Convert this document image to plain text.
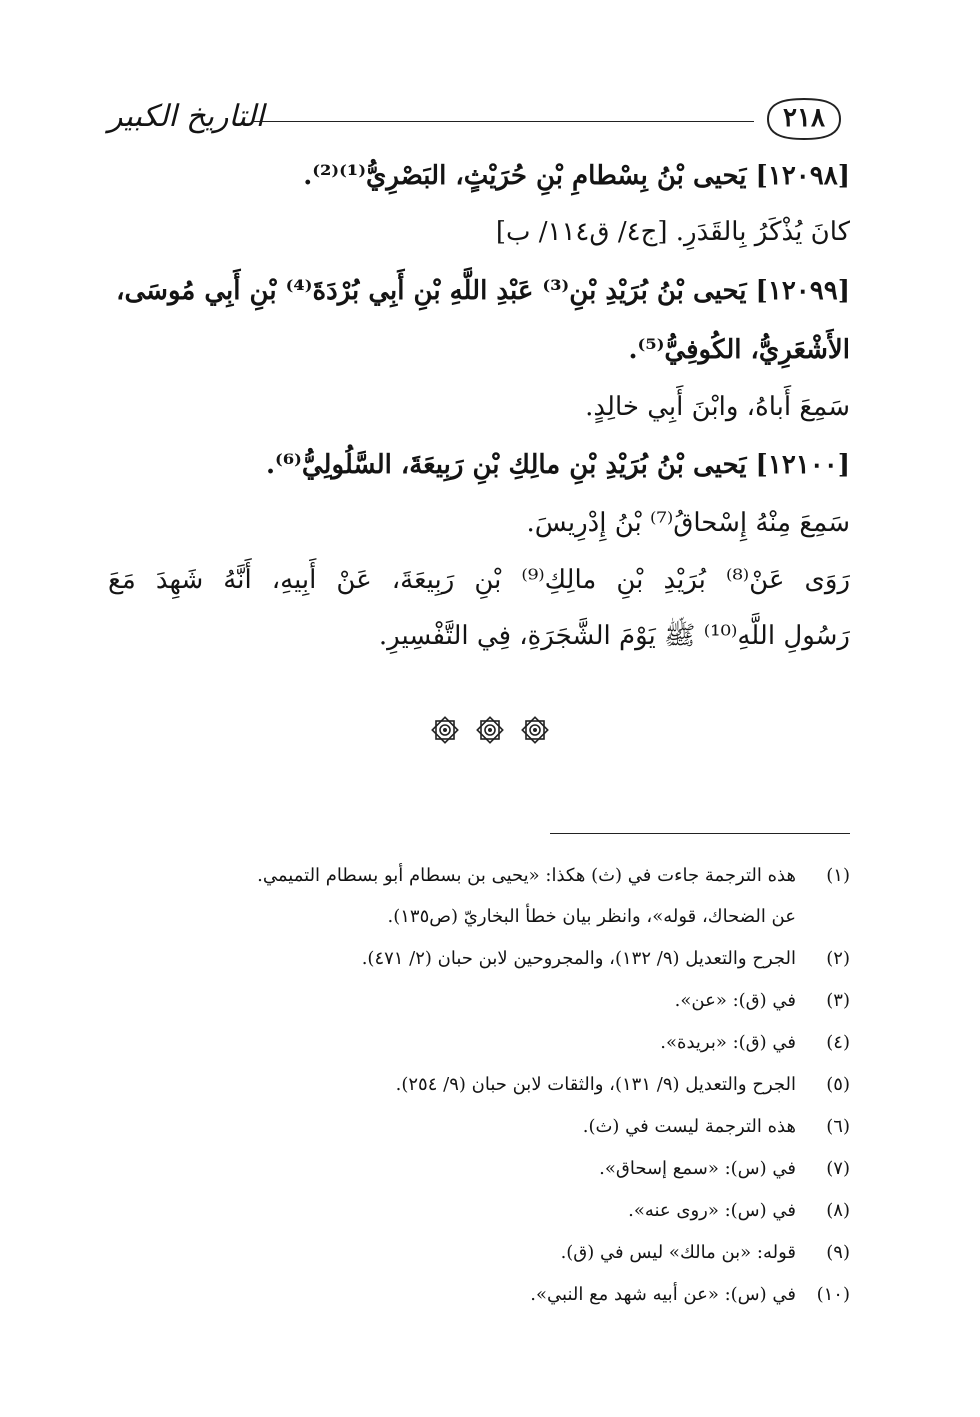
التاريخ الكبير	٢١٨
[١٢٠٩٨] يَحيى بْنُ بِسْطامِ بْنِ حُرَيْثٍ، البَصْرِيُّ⁽¹⁾⁽²⁾.
كانَ يُذْكَرُ بِالقَدَرِ. [ج٤/ ق١١٤/ ب]
[١٢٠٩٩] يَحيى بْنُ بُرَيْدِ بْنِ⁽³⁾ عَبْدِ اللَّهِ بْنِ أَبِي بُرْدَةَ⁽⁴⁾ بْنِ أَبِي مُوسَى،
الأَشْعَرِيُّ، الكُوفِيُّ⁽⁵⁾.
سَمِعَ أَباهُ، وابْنَ أَبِي خالِدٍ.
[١٢١٠٠] يَحيى بْنُ بُرَيْدِ بْنِ مالِكِ بْنِ رَبِيعَةَ، السَّلُولِيُّ⁽⁶⁾.
سَمِعَ مِنْهُ إِسْحاقُ⁽⁷⁾ بْنُ إِدْرِيسَ.
رَوَى عَنْ⁽⁸⁾ بُرَيْدِ بْنِ مالِكِ⁽⁹⁾ بْنِ رَبِيعَةَ، عَنْ أَبِيهِ، أَنَّهُ شَهِدَ مَعَ
رَسُولِ اللَّهِ⁽¹⁰⁾ ﷺ يَوْمَ الشَّجَرَةِ، فِي التَّفْسِيرِ.

(١)هذه الترجمة جاءت في (ث) هكذا: «يحيى بن بسطام أبو بسطام التميمي.
عن الضحاك، قوله»، وانظر بيان خطأ البخاريّ (ص١٣٥).
(٢)الجرح والتعديل (٩/ ١٣٢)، والمجروحين لابن حبان (٢/ ٤٧١).
(٣)في (ق): «عن».
(٤)في (ق): «بريدة».
(٥)الجرح والتعديل (٩/ ١٣١)، والثقات لابن حبان (٩/ ٢٥٤).
(٦)هذه الترجمة ليست في (ث).
(٧)في (س): «سمع إسحاق».
(٨)في (س): «روى عنه».
(٩)قوله: «بن مالك» ليس في (ق).
(١٠)في (س): «عن أبيه شهد مع النبي».
